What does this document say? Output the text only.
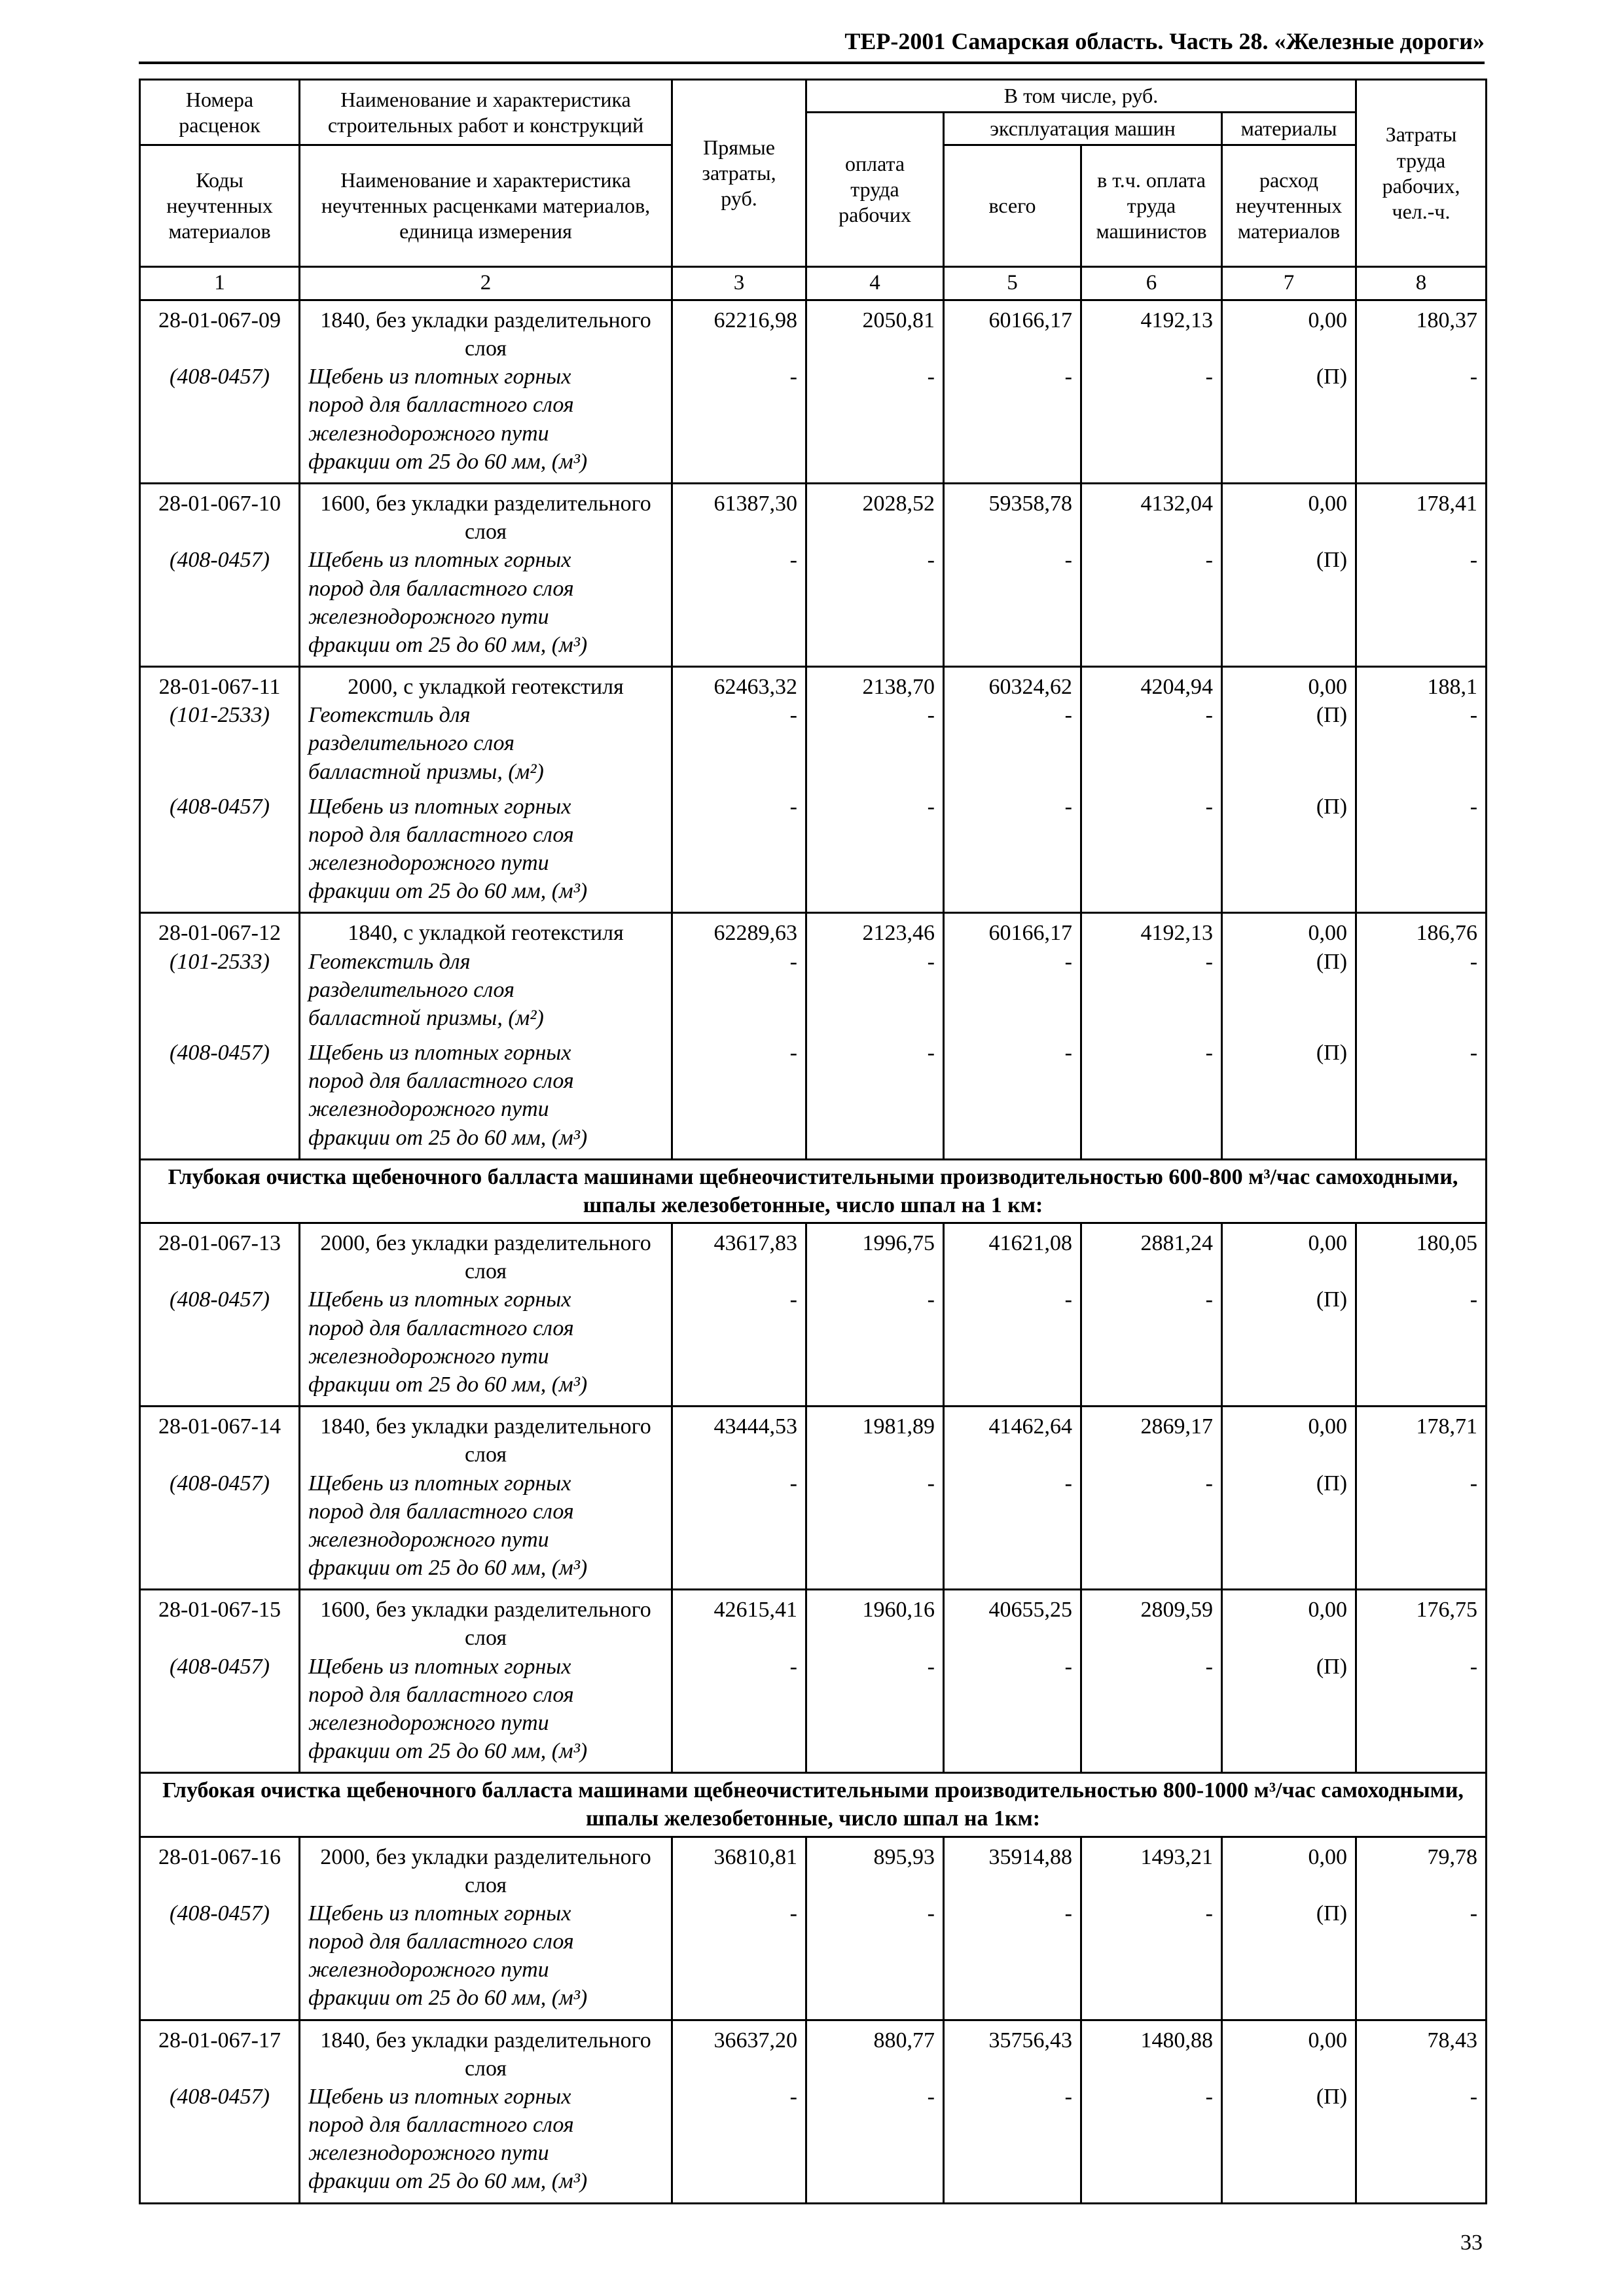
ТЕР-2001 Самарская область. Часть 28. «Железные дороги»
Номера расценок	Наименование и характеристика строительных работ и конструкций	Прямые затраты, руб.	В том числе, руб.				Затраты труда рабочих, чел.-ч.

			оплата труда рабочих	эксплуатация машин		материалы	

Коды неучтенных материалов	Наименование и характеристика неучтенных расценками материалов, единица измерения			всего	в т.ч. оплата труда машинистов	расход неучтенных материалов	

1	2	3	4	5	6	7	8
28-01-067-09	1840, без укладки разделительного слоя	62216,98	2050,81	60166,17	4192,13	0,00	180,37
(408-0457)	Щебень из плотных горных пород для балластного слоя железнодорожного пути фракции от 25 до 60 мм, (м³)	-	-	-	-	(П)	-
28-01-067-10	1600, без укладки разделительного слоя	61387,30	2028,52	59358,78	4132,04	0,00	178,41
(408-0457)	Щебень из плотных горных пород для балластного слоя железнодорожного пути фракции от 25 до 60 мм, (м³)	-	-	-	-	(П)	-
28-01-067-11	2000, с укладкой геотекстиля	62463,32	2138,70	60324,62	4204,94	0,00	188,1
(101-2533)	Геотекстиль для разделительного слоя балластной призмы, (м²)	-	-	-	-	(П)	-
(408-0457)	Щебень из плотных горных пород для балластного слоя железнодорожного пути фракции от 25 до 60 мм, (м³)	-	-	-	-	(П)	-
28-01-067-12	1840, с укладкой геотекстиля	62289,63	2123,46	60166,17	4192,13	0,00	186,76
(101-2533)	Геотекстиль для разделительного слоя балластной призмы, (м²)	-	-	-	-	(П)	-
(408-0457)	Щебень из плотных горных пород для балластного слоя железнодорожного пути фракции от 25 до 60 мм, (м³)	-	-	-	-	(П)	-
Глубокая очистка щебеночного балласта машинами щебнеочистительными производительностью 600-800 м³/час самоходными, шпалы железобетонные, число шпал на 1 км:							
28-01-067-13	2000, без укладки разделительного слоя	43617,83	1996,75	41621,08	2881,24	0,00	180,05
(408-0457)	Щебень из плотных горных пород для балластного слоя железнодорожного пути фракции от 25 до 60 мм, (м³)	-	-	-	-	(П)	-
28-01-067-14	1840, без укладки разделительного слоя	43444,53	1981,89	41462,64	2869,17	0,00	178,71
(408-0457)	Щебень из плотных горных пород для балластного слоя железнодорожного пути фракции от 25 до 60 мм, (м³)	-	-	-	-	(П)	-
28-01-067-15	1600, без укладки разделительного слоя	42615,41	1960,16	40655,25	2809,59	0,00	176,75
(408-0457)	Щебень из плотных горных пород для балластного слоя железнодорожного пути фракции от 25 до 60 мм, (м³)	-	-	-	-	(П)	-
Глубокая очистка щебеночного балласта машинами щебнеочистительными производительностью 800-1000 м³/час самоходными, шпалы железобетонные, число шпал на 1км:							
28-01-067-16	2000, без укладки разделительного слоя	36810,81	895,93	35914,88	1493,21	0,00	79,78
(408-0457)	Щебень из плотных горных пород для балластного слоя железнодорожного пути фракции от 25 до 60 мм, (м³)	-	-	-	-	(П)	-
28-01-067-17	1840, без укладки разделительного слоя	36637,20	880,77	35756,43	1480,88	0,00	78,43
(408-0457)	Щебень из плотных горных пород для балластного слоя железнодорожного пути фракции от 25 до 60 мм, (м³)	-	-	-	-	(П)	-
33
